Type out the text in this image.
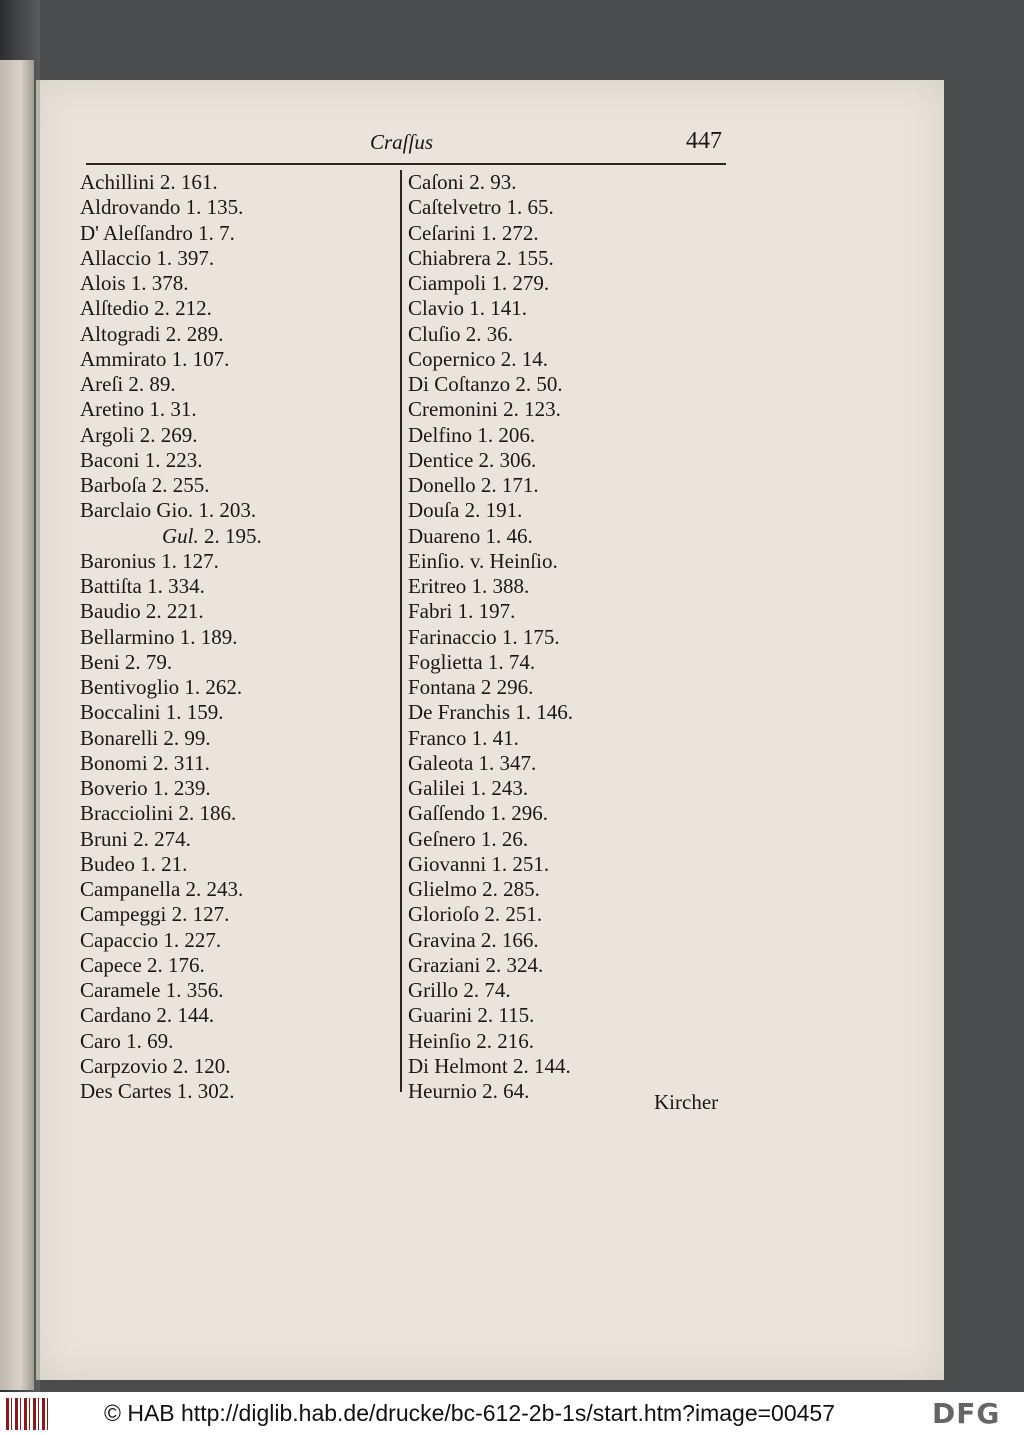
Craſſus	447
Achillini 2. 161.
Aldrovando 1. 135.
D' Aleſſandro 1. 7.
Allaccio 1. 397.
Alois 1. 378.
Alſtedio 2. 212.
Altogradi 2. 289.
Ammirato 1. 107.
Areſi 2. 89.
Aretino 1. 31.
Argoli 2. 269.
Baconi 1. 223.
Barboſa 2. 255.
Barclaio Gio. 1. 203.
Gul. 2. 195.
Baronius 1. 127.
Battiſta 1. 334.
Baudio 2. 221.
Bellarmino 1. 189.
Beni 2. 79.
Bentivoglio 1. 262.
Boccalini 1. 159.
Bonarelli 2. 99.
Bonomi 2. 311.
Boverio 1. 239.
Bracciolini 2. 186.
Bruni 2. 274.
Budeo 1. 21.
Campanella 2. 243.
Campeggi 2. 127.
Capaccio 1. 227.
Capece 2. 176.
Caramele 1. 356.
Cardano 2. 144.
Caro 1. 69.
Carpzovio 2. 120.
Des Cartes 1. 302.
Caſoni 2. 93.
Caſtelvetro 1. 65.
Ceſarini 1. 272.
Chiabrera 2. 155.
Ciampoli 1. 279.
Clavio 1. 141.
Cluſio 2. 36.
Copernico 2. 14.
Di Coſtanzo 2. 50.
Cremonini 2. 123.
Delfino 1. 206.
Dentice 2. 306.
Donello 2. 171.
Douſa 2. 191.
Duareno 1. 46.
Einſio. v. Heinſio.
Eritreo 1. 388.
Fabri 1. 197.
Farinaccio 1. 175.
Foglietta 1. 74.
Fontana 2 296.
De Franchis 1. 146.
Franco 1. 41.
Galeota 1. 347.
Galilei 1. 243.
Gaſſendo 1. 296.
Geſnero 1. 26.
Giovanni 1. 251.
Glielmo 2. 285.
Glorioſo 2. 251.
Gravina 2. 166.
Graziani 2. 324.
Grillo 2. 74.
Guarini 2. 115.
Heinſio 2. 216.
Di Helmont 2. 144.
Heurnio 2. 64.	Kircher
© HAB http://diglib.hab.de/drucke/bc-612-2b-1s/start.htm?image=00457	DFG
